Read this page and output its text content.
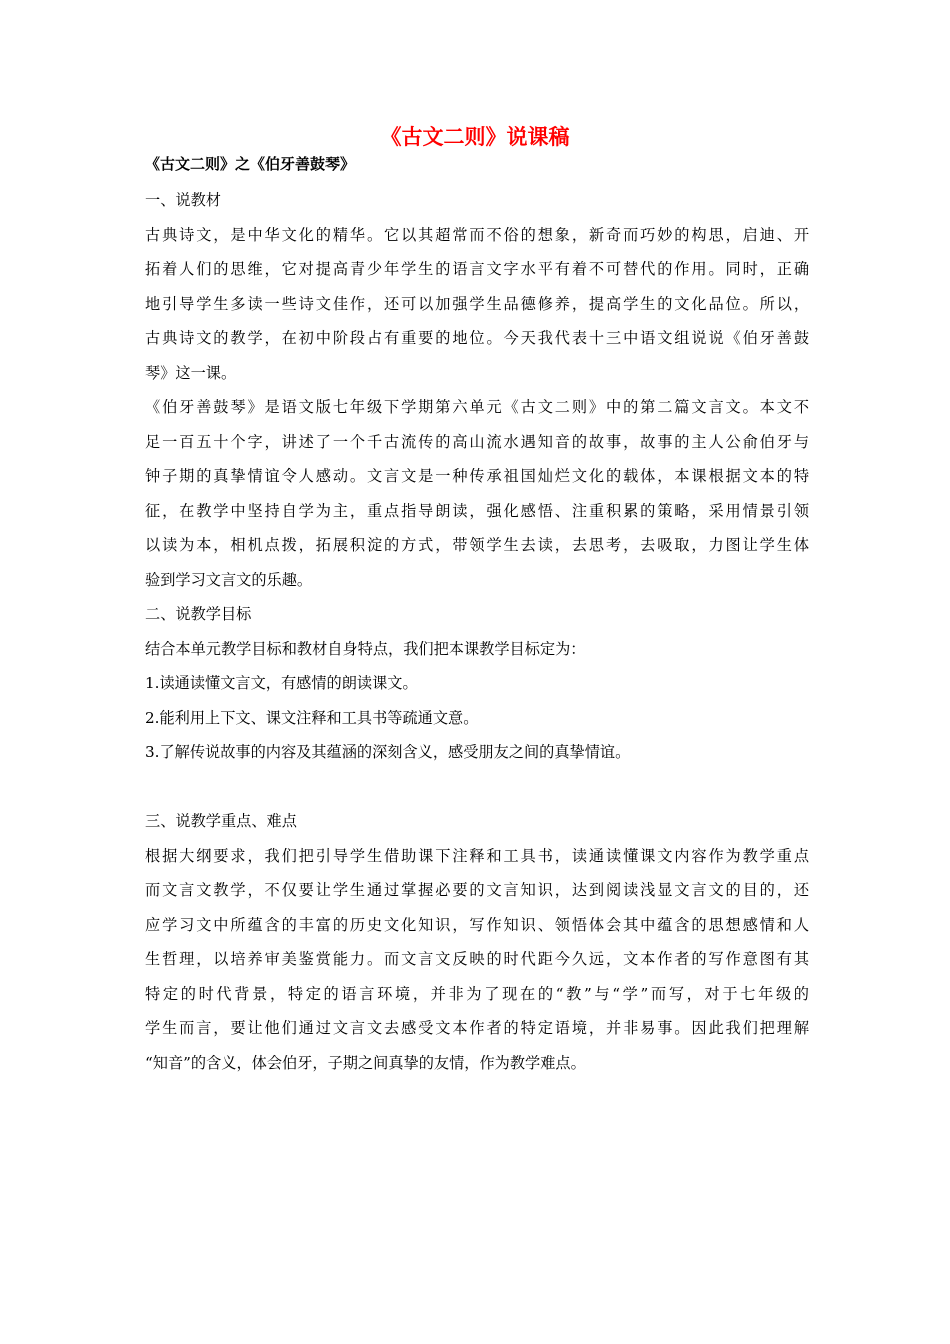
《古文二则》说课稿
《古文二则》之《伯牙善鼓琴》
一、说教材
古典诗文，是中华文化的精华。它以其超常而不俗的想象，新奇而巧妙的构思，启迪、开
拓着人们的思维，它对提高青少年学生的语言文字水平有着不可替代的作用。同时，正确
地引导学生多读一些诗文佳作，还可以加强学生品德修养，提高学生的文化品位。所以，
古典诗文的教学，在初中阶段占有重要的地位。今天我代表十三中语文组说说《伯牙善鼓
琴》这一课。
《伯牙善鼓琴》是语文版七年级下学期第六单元《古文二则》中的第二篇文言文。本文不
足一百五十个字，讲述了一个千古流传的高山流水遇知音的故事，故事的主人公俞伯牙与
钟子期的真挚情谊令人感动。文言文是一种传承祖国灿烂文化的载体，本课根据文本的特
征，在教学中坚持自学为主，重点指导朗读，强化感悟、注重积累的策略，采用情景引领
以读为本，相机点拨，拓展积淀的方式，带领学生去读，去思考，去吸取，力图让学生体
验到学习文言文的乐趣。
二、说教学目标
结合本单元教学目标和教材自身特点，我们把本课教学目标定为：
1.读通读懂文言文，有感情的朗读课文。
2.能利用上下文、课文注释和工具书等疏通文意。
3.了解传说故事的内容及其蕴涵的深刻含义，感受朋友之间的真挚情谊。
三、说教学重点、难点
根据大纲要求，我们把引导学生借助课下注释和工具书，读通读懂课文内容作为教学重点
而文言文教学，不仅要让学生通过掌握必要的文言知识，达到阅读浅显文言文的目的，还
应学习文中所蕴含的丰富的历史文化知识，写作知识、领悟体会其中蕴含的思想感情和人
生哲理，以培养审美鉴赏能力。而文言文反映的时代距今久远，文本作者的写作意图有其
特定的时代背景，特定的语言环境，并非为了现在的“教”与“学”而写，对于七年级的
学生而言，要让他们通过文言文去感受文本作者的特定语境，并非易事。因此我们把理解
“知音”的含义，体会伯牙，子期之间真挚的友情，作为教学难点。
